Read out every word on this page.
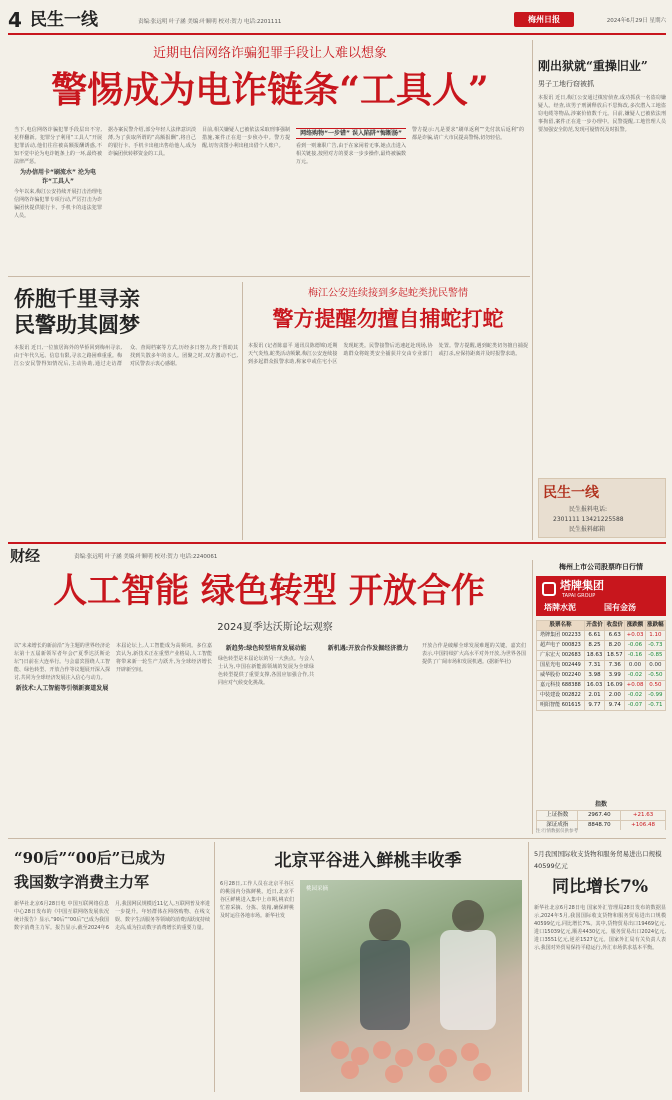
4 民生一线	责编:张远明 叶子涵 美编:叶顺明 校对:贺力 电话:2201111	梅州日报	2024年6月29日 星期六
近期电信网络诈骗犯罪手段让人难以想象
警惕成为电诈链条“工具人”

当下,电信网络诈骗犯罪手段层出不穷,花样翻新。犯罪分子利用“工具人”开展犯罪活动,他们往往被高额报酬诱惑,不知不觉中沦为电诈链条上的一环,最终被法律严惩。

为办信用卡“刷流水” 沦为电诈“工具人”

今年以来,梅江公安持续开展打击治理电信网络诈骗犯罪专项行动,严厉打击为诈骗团伙提供银行卡、手机卡的违法犯罪人员。

据办案民警介绍,部分年轻人法律意识淡薄,为了获取所谓的“高额报酬”,将自己的银行卡、手机卡出租出售给他人,成为诈骗团伙转移资金的工具。

目前,相关嫌疑人已被依法采取刑事强制措施,案件正在进一步侦办中。警方提醒,切勿贪图小利出租出借个人账户。

网络购物“一步错” 误入陷阱“悔断肠”

看到一则兼职广告,由于在家闲着无事,她点击进入相关链接,按照对方的要求一步步操作,最终被骗数万元。

警方提示:凡是要求“刷单返利”“先付款后返利”的都是诈骗,请广大市民提高警惕,切勿轻信。

刚出狱就“重操旧业”
男子工地行窃被抓

本报讯 近日,梅江公安通过缜密侦查,成功抓获一名盗窃嫌疑人。经查,该男子刑满释放后不思悔改,多次潜入工地盗窃电缆等物品,涉案价值数千元。目前,嫌疑人已被依法刑事拘留,案件正在进一步办理中。民警提醒,工地管理人员要加强安全防范,发现可疑情况及时报警。

民生一线
民生报料电话:
2301111 13421225588
民生报料邮箱
侨胞千里寻亲
民警助其圆梦

本报讯 近日,一位旅居海外的华侨回到梅州寻亲,由于年代久远、信息有限,寻亲之路困难重重。梅江公安民警得知情况后,主动协助,通过走访群众、查阅档案等方式,历经多日努力,终于帮助其找到失散多年的亲人。团聚之时,双方激动不已,对民警表示衷心感谢。

梅江公安连续接到多起蛇类扰民警情
警方提醒勿擅自捕蛇打蛇

本报讯 (记者陈嘉平 通讯员陈德锦)近期天气炎热,蛇类活动频繁,梅江公安连续接到多起群众报警求助,称家中或住宅小区发现蛇类。民警接警后迅速赶赴现场,协助群众将蛇类安全捕获并交由专业部门处置。警方提醒,遇到蛇类切勿擅自捕捉或打杀,应保持距离并及时报警求助。

财经	责编:张远明 叶子涵 美编:叶顺明 校对:贺力 电话:2240061
人工智能 绿色转型 开放合作
2024夏季达沃斯论坛观察

以“未来增长的新前沿”为主题的世界经济论坛第十五届新领军者年会(“夏季达沃斯论坛”)日前在大连举行。与会嘉宾围绕人工智能、绿色转型、开放合作等议题展开深入探讨,共同为全球经济发展注入信心与动力。

新技术:人工智能等引领新赛道发展

本届论坛上,人工智能成为高频词。多位嘉宾认为,新技术正在重塑产业格局,人工智能将带来新一轮生产力跃升,为全球经济增长开辟新空间。

新趋势:绿色转型培育发展动能

绿色转型是本届论坛的另一大焦点。与会人士认为,中国在新能源领域的发展为全球绿色转型提供了重要支撑,各国应加强合作,共同应对气候变化挑战。

新机遇:开放合作发掘经济潜力	开放合作是破解全球发展难题的关键。嘉宾们表示,中国持续扩大高水平对外开放,为世界各国提供了广阔市场和发展机遇。(据新华社)

梅州上市公司股票昨日行情
塔牌集团
TAPAI GROUP
塔牌水泥	国有金汤
股票名称	开盘价	收盘价	涨跌额	涨跌幅
塔牌集团 002233	6.61	6.63	+0.03	1.10
超声电子 000823	8.25	8.20	-0.06	-0.73
广东宏大 002683	18.63	18.57	-0.16	-0.85
国星光电 002449	7.31	7.36	0.00	0.00
威华股份 002240	3.98	3.99	-0.02	-0.50
嘉元科技 688388	16.03	16.09	+0.08	0.50
中装建设 002822	2.01	2.00	-0.02	-0.99
明阳智能 601615	9.77	9.74	-0.07	-0.71
指数
上证指数	2967.40	+21.63
深证成指	8848.70	+106.48
注:行情数据仅供参考
“90后”“00后”已成为
我国数字消费主力军

新华社北京6月28日电 中国互联网络信息中心28日发布的《中国互联网络发展状况统计报告》显示,“90后”“00后”已成为我国数字消费主力军。报告显示,截至2024年6月,我国网民规模近11亿人,互联网普及率进一步提升。年轻群体在网络购物、在线文娱、数字生活服务等领域的消费活跃度持续走高,成为拉动数字消费增长的重要力量。

北京平谷进入鲜桃丰收季
桃园采摘

6月28日,工作人员在北京平谷区的桃园内分拣鲜桃。近日,北京平谷区鲜桃进入集中上市期,桃农们忙着采摘、分拣、装箱,确保鲜桃及时运往各地市场。新华社发

5月我国国际收支货物和服务贸易进出口规模40599亿元
同比增长7%

新华社北京6月28日电 国家外汇管理局28日发布的数据显示,2024年5月,我国国际收支货物和服务贸易进出口规模40599亿元,同比增长7%。其中,货物贸易出口19469亿元,进口15039亿元,顺差4430亿元。服务贸易出口2024亿元,进口3551亿元,逆差1527亿元。国家外汇局有关负责人表示,我国对外贸易保持平稳运行,外汇市场供求基本平衡。
